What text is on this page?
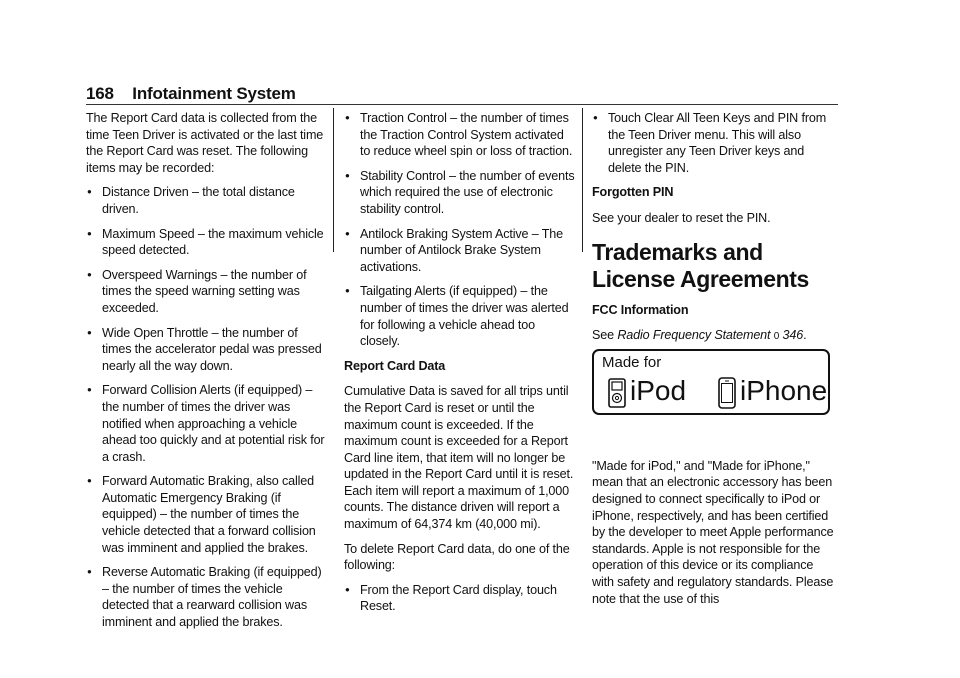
168 Infotainment System

The Report Card data is collected from the time Teen Driver is activated or the last time the Report Card was reset. The following items may be recorded:

● Distance Driven – the total distance driven.
● Maximum Speed – the maximum vehicle speed detected.
● Overspeed Warnings – the number of times the speed warning setting was exceeded.
● Wide Open Throttle – the number of times the accelerator pedal was pressed nearly all the way down.
● Forward Collision Alerts (if equipped) – the number of times the driver was notified when approaching a vehicle ahead too quickly and at potential risk for a crash.
● Forward Automatic Braking, also called Automatic Emergency Braking (if equipped) – the number of times the vehicle detected that a forward collision was imminent and applied the brakes.
● Reverse Automatic Braking (if equipped) – the number of times the vehicle detected that a rearward collision was imminent and applied the brakes.
● Traction Control – the number of times the Traction Control System activated to reduce wheel spin or loss of traction.
● Stability Control – the number of events which required the use of electronic stability control.
● Antilock Braking System Active – The number of Antilock Brake System activations.
● Tailgating Alerts (if equipped) – the number of times the driver was alerted for following a vehicle ahead too closely.
Report Card Data

Cumulative Data is saved for all trips until the Report Card is reset or until the maximum count is exceeded. If the maximum count is exceeded for a Report Card line item, that item will no longer be updated in the Report Card until it is reset. Each item will report a maximum of 1,000 counts. The distance driven will report a maximum of 64,374 km (40,000 mi).

To delete Report Card data, do one of the following:

● From the Report Card display, touch Reset.
● Touch Clear All Teen Keys and PIN from the Teen Driver menu. This will also unregister any Teen Driver keys and delete the PIN.
Forgotten PIN

See your dealer to reset the PIN.

Trademarks and License Agreements
FCC Information

See Radio Frequency Statement 0 346.

"Made for iPod," and "Made for iPhone," mean that an electronic accessory has been designed to connect specifically to iPod or iPhone, respectively, and has been certified by the developer to meet Apple performance standards. Apple is not responsible for the operation of this device or its compliance with safety and regulatory standards. Please note that the use of this

Made for
iPod iPhone
